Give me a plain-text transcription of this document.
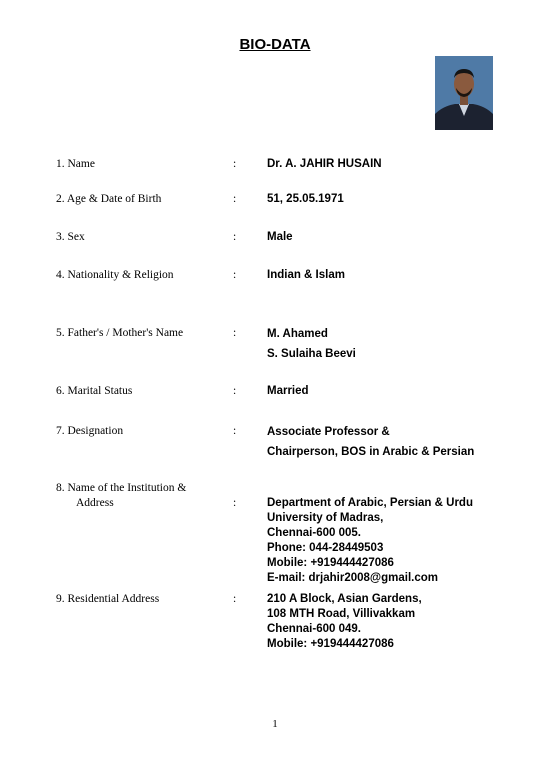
BIO-DATA
1. Name	:	Dr. A. JAHIR HUSAIN
2. Age & Date of Birth	:	51, 25.05.1971
3. Sex	:	Male
4. Nationality & Religion	:	Indian & Islam
5. Father's / Mother's Name	:	M. Ahamed
S. Sulaiha Beevi
6. Marital Status	:	Married
7. Designation	:	Associate Professor &
Chairperson, BOS in Arabic & Persian
8. Name of the Institution &
Address	:	Department of Arabic, Persian & Urdu
University of Madras,
Chennai-600 005.
Phone: 044-28449503
Mobile: +919444427086
E-mail: drjahir2008@gmail.com
9. Residential Address	:	210 A Block, Asian Gardens,
108 MTH Road, Villivakkam
Chennai-600 049.
Mobile: +919444427086
1
